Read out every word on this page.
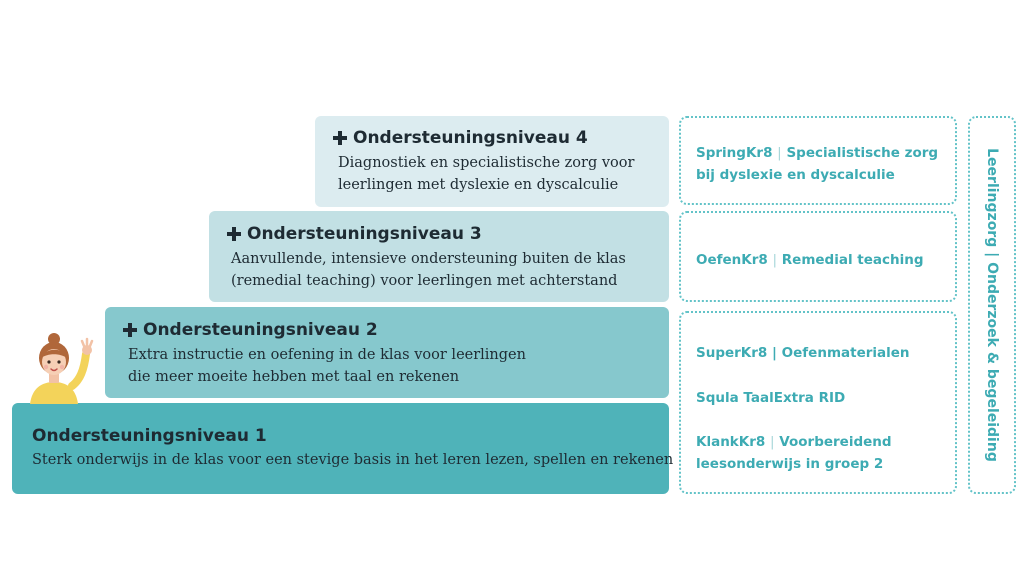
Ondersteuningsniveau 4
Diagnostiek en specialistische zorg voor
leerlingen met dyslexie en dyscalculie
Ondersteuningsniveau 3
Aanvullende, intensieve ondersteuning buiten de klas
(remedial teaching) voor leerlingen met achterstand
Ondersteuningsniveau 2
Extra instructie en oefening in de klas voor leerlingen
die meer moeite hebben met taal en rekenen
Ondersteuningsniveau 1
Sterk onderwijs in de klas voor een stevige basis in het leren lezen, spellen en rekenen
SpringKr8 | Specialistische zorg
bij dyslexie en dyscalculie
OefenKr8 | Remedial teaching
SuperKr8 | Oefenmaterialen
Squla TaalExtra RID
KlankKr8 | Voorbereidend
leesonderwijs in groep 2
Leerlingzorg | Onderzoek & begeleiding
